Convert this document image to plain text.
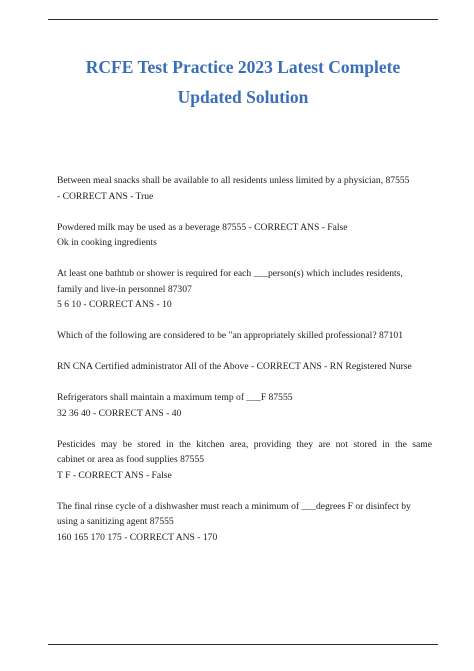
RCFE Test Practice 2023 Latest Complete
Updated Solution
Between meal snacks shall be available to all residents unless limited by a physician, 87555
- CORRECT ANS - True
Powdered milk may be used as a beverage 87555 - CORRECT ANS - False
Ok in cooking ingredients
At least one bathtub or shower is required for each ___person(s) which includes residents,
family and live-in personnel 87307
5 6 10 - CORRECT ANS - 10
Which of the following are considered to be "an appropriately skilled professional? 87101
RN CNA Certified administrator All of the Above - CORRECT ANS - RN Registered Nurse
Refrigerators shall maintain a maximum temp of ___F 87555
32 36 40 - CORRECT ANS - 40
Pesticides may be stored in the kitchen area, providing they are not stored in the same
cabinet or area as food supplies 87555
T F - CORRECT ANS - False
The final rinse cycle of a dishwasher must reach a minimum of ___degrees F or disinfect by
using a sanitizing agent 87555
160 165 170 175 - CORRECT ANS - 170
